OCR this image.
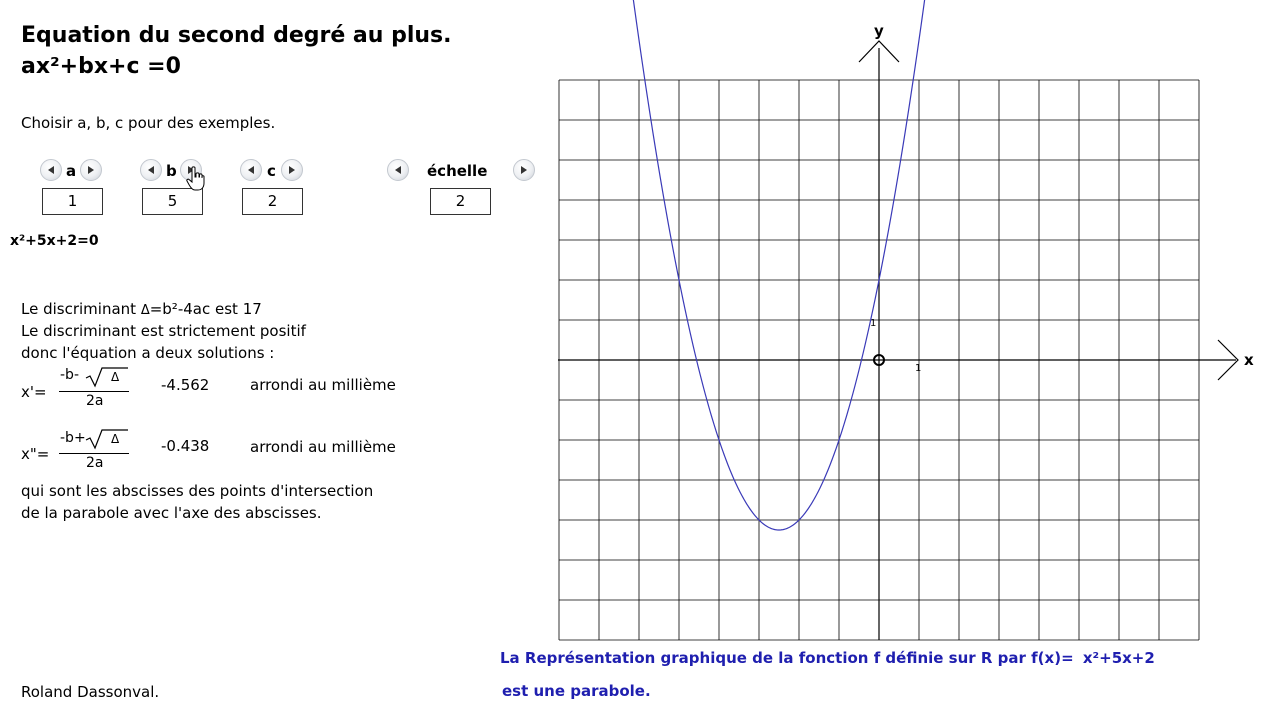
Equation du second degré au plus.
ax²+bx+c =0
Choisir a, b, c pour des exemples.
a
1
b
5
c
2
échelle
2
x²+5x+2=0
Le discriminant Δ=b²-4ac est 17
Le discriminant est strictement positif
donc l'équation a deux solutions :
x'=
-b-	Δ
2a
-4.562	arrondi au millième
x"=
-b+ Δ
2a
-0.438	arrondi au millième
qui sont les abscisses des points d'intersection
de la parabole avec l'axe des abscisses.
Roland Dassonval.
x
y
1
1
La Représentation graphique de la fonction f définie sur R par f(x)= x²+5x+2
est une parabole.
